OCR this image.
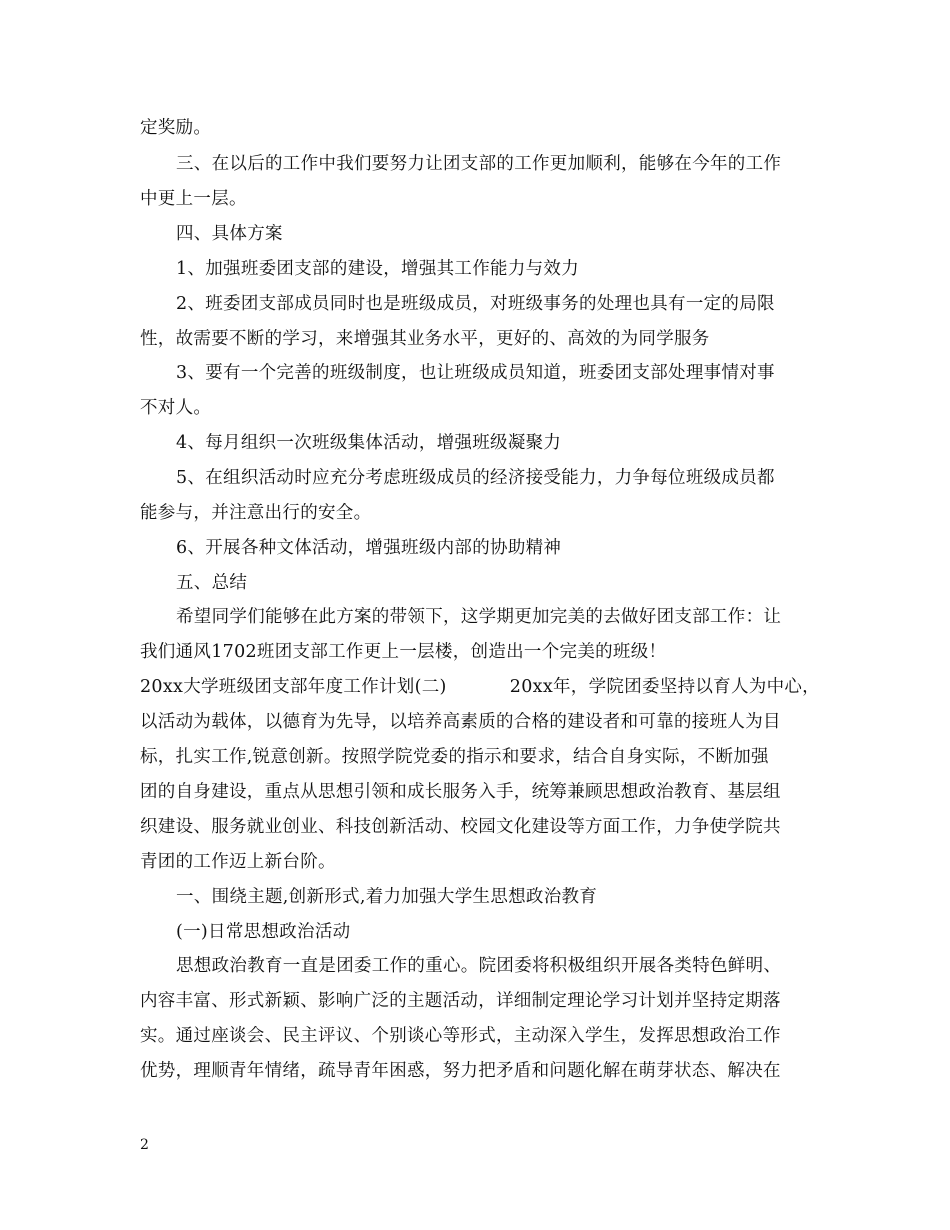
定奖励。
三、在以后的工作中我们要努力让团支部的工作更加顺利，能够在今年的工作
中更上一层。
四、具体方案
1、加强班委团支部的建设，增强其工作能力与效力
2、班委团支部成员同时也是班级成员，对班级事务的处理也具有一定的局限
性，故需要不断的学习，来增强其业务水平，更好的、高效的为同学服务
3、要有一个完善的班级制度，也让班级成员知道，班委团支部处理事情对事
不对人。
4、每月组织一次班级集体活动，增强班级凝聚力
5、在组织活动时应充分考虑班级成员的经济接受能力，力争每位班级成员都
能参与，并注意出行的安全。
6、开展各种文体活动，增强班级内部的协助精神
五、总结
希望同学们能够在此方案的带领下，这学期更加完美的去做好团支部工作：让
我们通风1702班团支部工作更上一层楼，创造出一个完美的班级！
20xx大学班级团支部年度工作计划(二)	20xx年，学院团委坚持以育人为中心，
以活动为载体，以德育为先导，以培养高素质的合格的建设者和可靠的接班人为目
标，扎实工作,锐意创新。按照学院党委的指示和要求，结合自身实际，不断加强
团的自身建设，重点从思想引领和成长服务入手，统筹兼顾思想政治教育、基层组
织建设、服务就业创业、科技创新活动、校园文化建设等方面工作，力争使学院共
青团的工作迈上新台阶。
一、围绕主题,创新形式,着力加强大学生思想政治教育
(一)日常思想政治活动
思想政治教育一直是团委工作的重心。院团委将积极组织开展各类特色鲜明、
内容丰富、形式新颖、影响广泛的主题活动，详细制定理论学习计划并坚持定期落
实。通过座谈会、民主评议、个别谈心等形式，主动深入学生，发挥思想政治工作
优势，理顺青年情绪，疏导青年困惑，努力把矛盾和问题化解在萌芽状态、解决在
2
